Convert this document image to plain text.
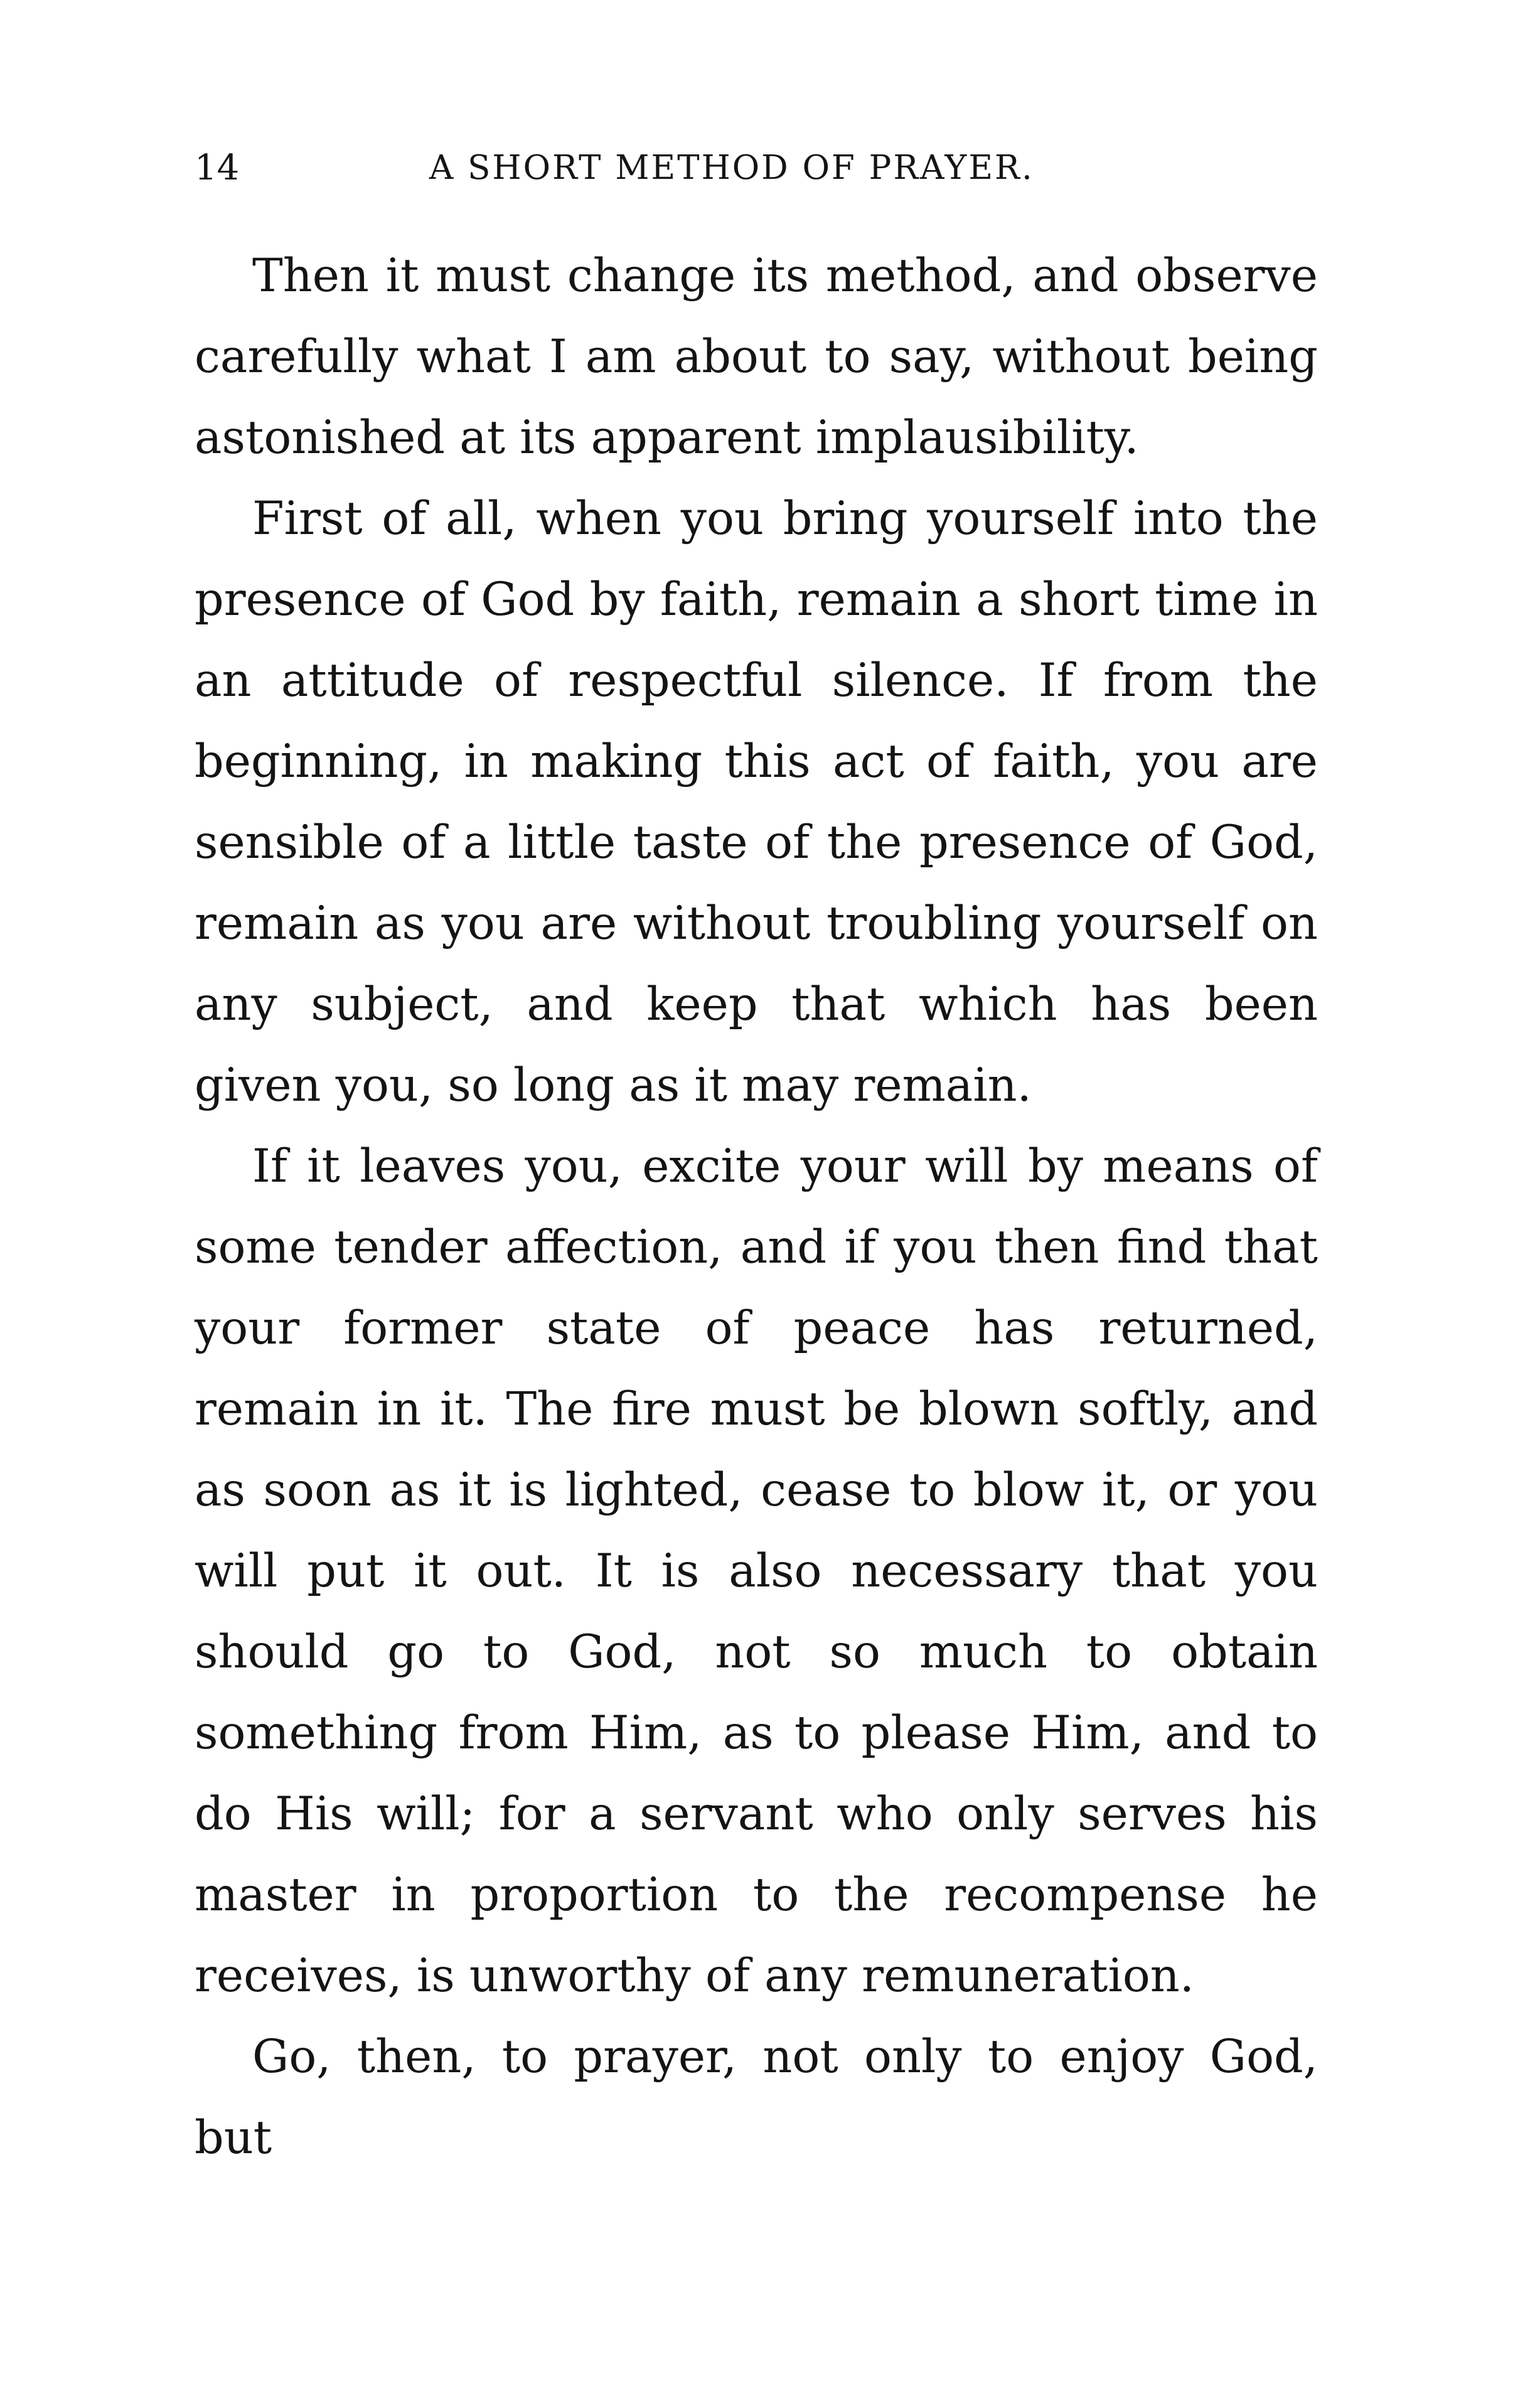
14	A SHORT METHOD OF PRAYER.

Then it must change its method, and observe carefully what I am about to say, without being astonished at its apparent implausibility.

First of all, when you bring yourself into the presence of God by faith, remain a short time in an attitude of respectful silence. If from the beginning, in making this act of faith, you are sensible of a little taste of the presence of God, remain as you are without troubling yourself on any subject, and keep that which has been given you, so long as it may remain.

If it leaves you, excite your will by means of some tender affection, and if you then find that your former state of peace has returned, remain in it. The fire must be blown softly, and as soon as it is lighted, cease to blow it, or you will put it out. It is also necessary that you should go to God, not so much to obtain something from Him, as to please Him, and to do His will; for a servant who only serves his master in proportion to the recompense he receives, is unworthy of any remuneration.

Go, then, to prayer, not only to enjoy God, but
